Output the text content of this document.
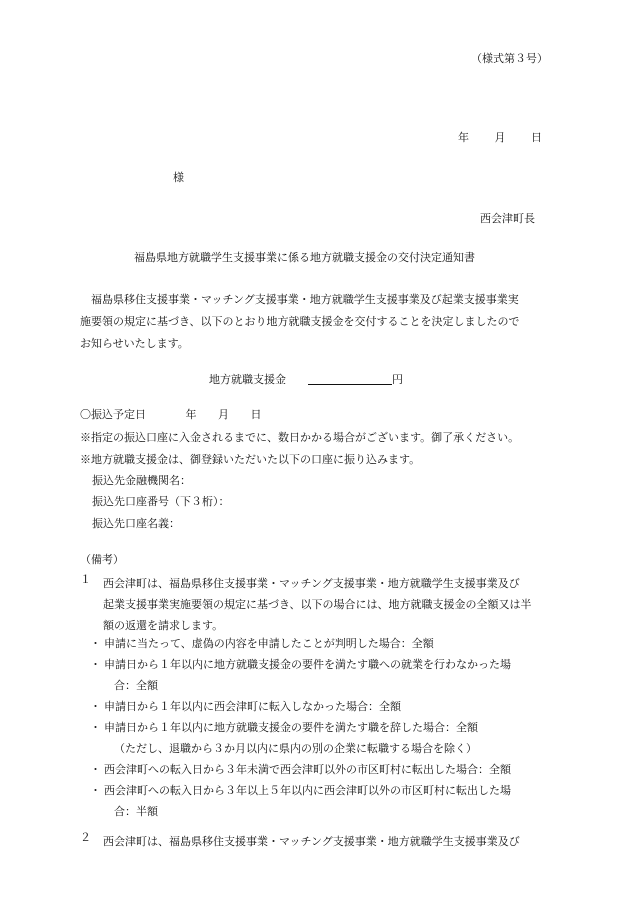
（様式第３号）
年 月 日
様
西会津町長
福島県地方就職学生支援事業に係る地方就職支援金の交付決定通知書

福島県移住支援事業・マッチング支援事業・地方就職学生支援事業及び起業支援事業実

施要領の規定に基づき、以下のとおり地方就職支援金を交付することを決定しましたので

お知らせいたします。

地方就職支援金	円
〇振込予定日	年 月 日
※指定の振込口座に入金されるまでに、数日かかる場合がございます。御了承ください。
※地方就職支援金は、御登録いただいた以下の口座に振り込みます。
振込先金融機関名：
振込先口座番号（下３桁）：
振込先口座名義：
（備考）
１ 西会津町は、福島県移住支援事業・マッチング支援事業・地方就職学生支援事業及び
起業支援事業実施要領の規定に基づき、以下の場合には、地方就職支援金の全額又は半
額の返還を請求します。
・ 申請に当たって、虚偽の内容を申請したことが判明した場合：全額
・ 申請日から１年以内に地方就職支援金の要件を満たす職への就業を行わなかった場
合：全額
・ 申請日から１年以内に西会津町に転入しなかった場合：全額
・ 申請日から１年以内に地方就職支援金の要件を満たす職を辞した場合：全額
（ただし、退職から３か月以内に県内の別の企業に転職する場合を除く）
・ 西会津町への転入日から３年未満で西会津町以外の市区町村に転出した場合：全額
・ 西会津町への転入日から３年以上５年以内に西会津町以外の市区町村に転出した場
合：半額
２ 西会津町は、福島県移住支援事業・マッチング支援事業・地方就職学生支援事業及び
